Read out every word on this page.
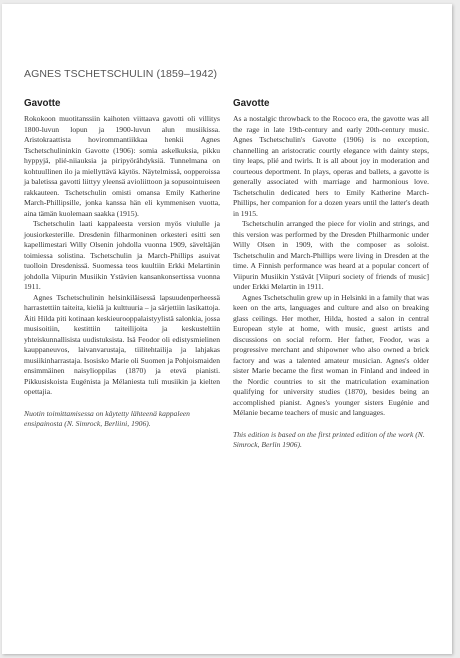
AGNES TSCHETSCHULIN (1859–1942)
Gavotte

Rokokoon muotitanssiin kaihoten viittaava gavotti oli villitys 1800-luvun lopun ja 1900-luvun alun musiikissa. Aristokraattista hovirommantiikkaa henkii Agnes Tschetschulininkin Gavotte (1906): somia askelkuksia, pikku hyppyjä, plié-niiauksia ja piripyörähdyksiä. Tunnelmana on kohtuullinen ilo ja miellyttävä käytös. Näytelmissä, oopperoissa ja baletissa gavotti liittyy yleensä avioliittoon ja sopusointuiseen rakkauteen. Tschetschulin omisti omansa Emily Katherine March-Phillipsille, jonka kanssa hän eli kymmenisen vuotta, aina tämän kuolemaan saakka (1915).

Tschetschulin laati kappaleesta version myös viululle ja jousiorkesterille. Dresdenin filharmoninen orkesteri esitti sen kapellimestari Willy Olsenin johdolla vuonna 1909, säveltäjän toimiessa solistina. Tschetschulin ja March-Phillips asuivat tuolloin Dresdenissä. Suomessa teos kuultiin Erkki Melartinin johdolla Viipurin Musiikin Ystävien kansankonsertissa vuonna 1911.

Agnes Tschetschulinin helsinkiläisessä lapsuudenperheessä harrastettiin taiteita, kieliä ja kulttuuria – ja särjettiin lasikattoja. Äiti Hilda piti kotinaan keskieurooppalaistyylistä salonkia, jossa musisoitiin, kestittiin taiteilijoita ja keskusteltiin yhteiskunnallisista uudistuksista. Isä Feodor oli edistysmielinen kauppaneuvos, laivanvarustaja, tiilitehtailija ja lahjakas musiikinharrastaja. Isosisko Marie oli Suomen ja Pohjoismaiden ensimmäinen naisylioppilas (1870) ja etevä pianisti. Pikkusiskoista Eugénista ja Mélaniesta tuli musiikin ja kielten opettajia.

Nuotin toimittamisessa on käytetty lähteenä kappaleen ensipainosta (N. Simrock, Berliini, 1906).

Gavotte

As a nostalgic throwback to the Rococo era, the gavotte was all the rage in late 19th-century and early 20th-century music. Agnes Tschetschulin's Gavotte (1906) is no exception, channelling an aristocratic courtly elegance with dainty steps, tiny leaps, plié and twirls. It is all about joy in moderation and courteous deportment. In plays, operas and ballets, a gavotte is generally associated with marriage and harmonious love. Tschetschulin dedicated hers to Emily Katherine March-Phillips, her companion for a dozen years until the latter's death in 1915.

Tschetschulin arranged the piece for violin and strings, and this version was performed by the Dresden Philharmonic under Willy Olsen in 1909, with the composer as soloist. Tschetschulin and March-Phillips were living in Dresden at the time. A Finnish performance was heard at a popular concert of Viipurin Musiikin Ystävät [Viipuri society of friends of music] under Erkki Melartin in 1911.

Agnes Tschetschulin grew up in Helsinki in a family that was keen on the arts, languages and culture and also on breaking glass ceilings. Her mother, Hilda, hosted a salon in central European style at home, with music, guest artists and discussions on social reform. Her father, Feodor, was a progressive merchant and shipowner who also owned a brick factory and was a talented amateur musician. Agnes's older sister Marie became the first woman in Finland and indeed in the Nordic countries to sit the matriculation examination qualifying for university studies (1870), besides being an accomplished pianist. Agnes's younger sisters Eugénie and Mélanie became teachers of music and languages.

This edition is based on the first printed edition of the work (N. Simrock, Berlin 1906).
